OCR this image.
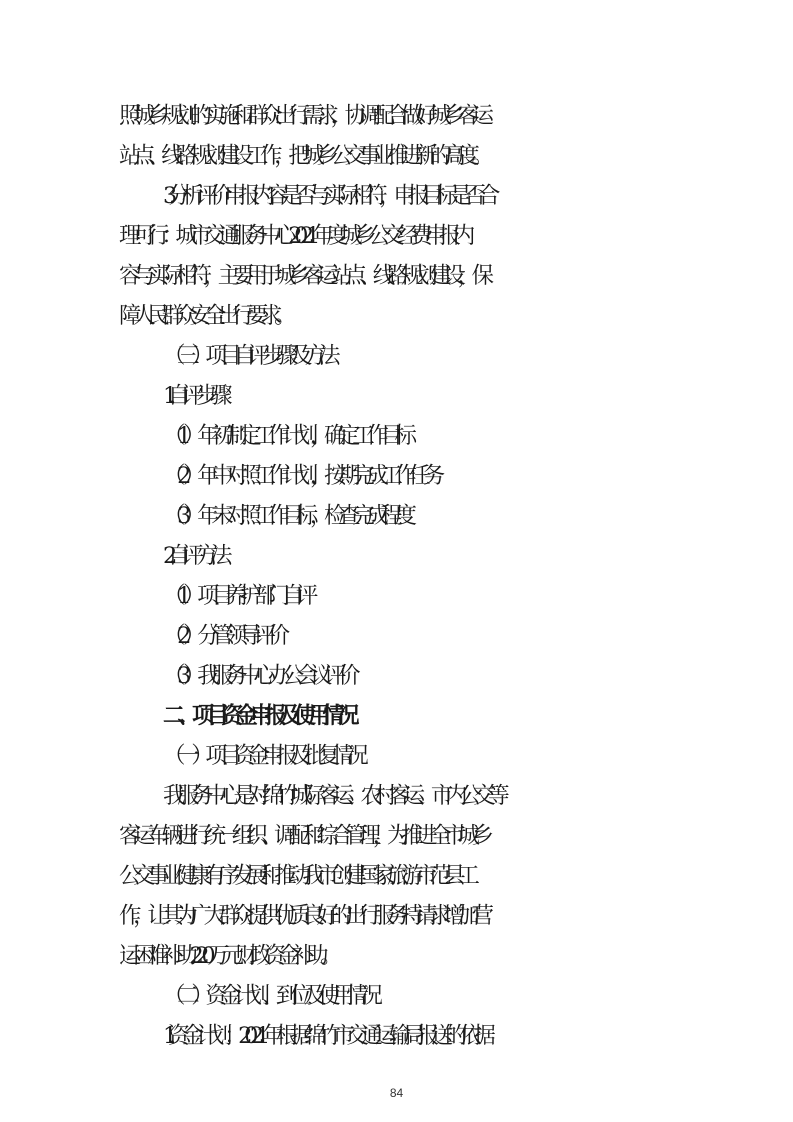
照城乡规划的实施和群众出行需求，协调配合做好城乡客运
站点、线路规划建设工作，把城乡公交事业推进新的高度。
3.分析评价申报内容是否与实际相符，申报目标是否合
理可行：城市交通服务中心2021年度城乡公交经费申报内
容与实际相符，主要用于城乡客运站点、线路规划建设，保
障人民群众安全出行要求。
（三）项目自评步骤及方法
1.自评步骤
（1）年初制定工作计划，确定工作目标
（2）年中对照工作计划，按期完成工作任务
（3）年末对照工作目标，检查完成程度
2.自评方法
（1）项目养护部门自评
（2）分管领导评价
（3）我服务中心办公会议评价
二、项目资金申报及使用情况
（一）项目资金申报及批复情况
我服务中心是对绵竹城际客运、农村客运、市内公交等
客运车辆进行统一组织、调配和综合管理，为推进全市城乡
公交事业健康有序发展和推动我市创建国家旅游市范县工
作，让其为广大群众提供优质良好的出行服务特请求增加营
运困难补助220万元财政资金补助。
（二）资金计划、到位及使用情况
1.资金计划：2021年根据绵竹市交通运输局报送的依据
84
